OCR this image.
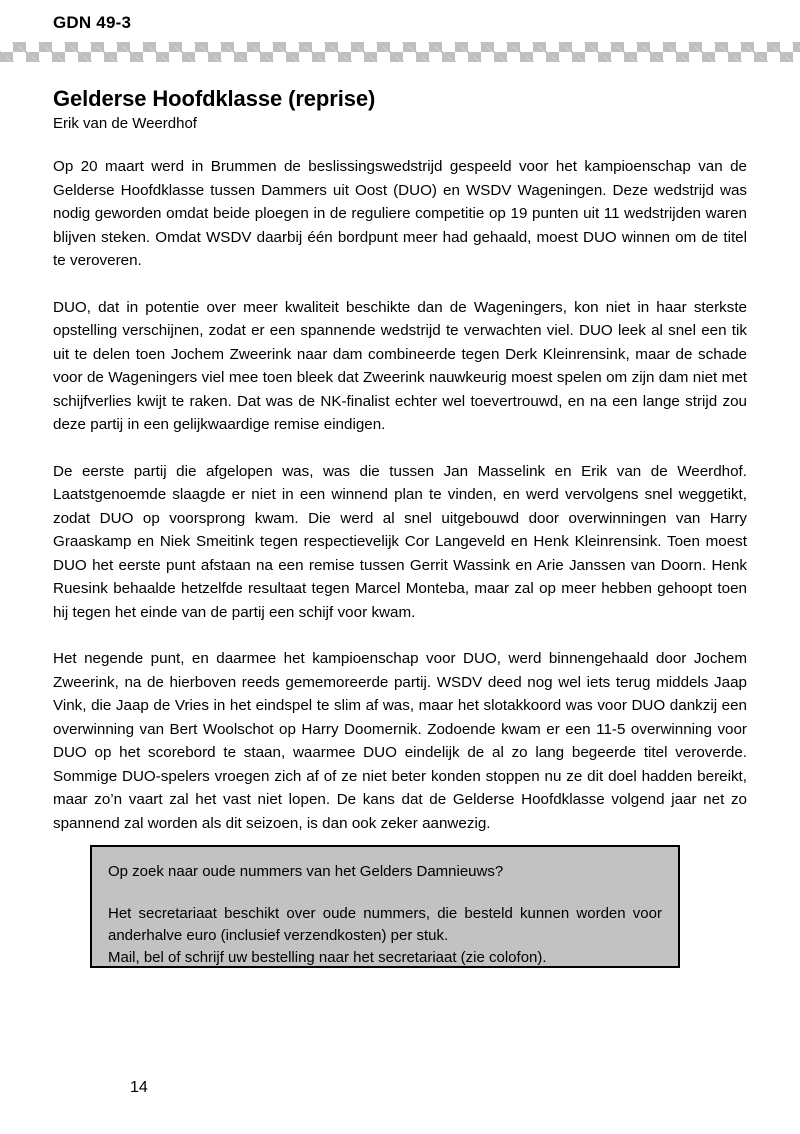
GDN 49-3
Gelderse Hoofdklasse (reprise)
Erik van de Weerdhof

Op 20 maart werd in Brummen de beslissingswedstrijd gespeeld voor het kampioenschap van de Gelderse Hoofdklasse tussen Dammers uit Oost (DUO) en WSDV Wageningen. Deze wedstrijd was nodig geworden omdat beide ploegen in de reguliere competitie op 19 punten uit 11 wedstrijden waren blijven steken. Omdat WSDV daarbij één bordpunt meer had gehaald, moest DUO winnen om de titel te veroveren.

DUO, dat in potentie over meer kwaliteit beschikte dan de Wageningers, kon niet in haar sterkste opstelling verschijnen, zodat er een spannende wedstrijd te verwachten viel. DUO leek al snel een tik uit te delen toen Jochem Zweerink naar dam combineerde tegen Derk Kleinrensink, maar de schade voor de Wageningers viel mee toen bleek dat Zweerink nauwkeurig moest spelen om zijn dam niet met schijfverlies kwijt te raken. Dat was de NK-finalist echter wel toevertrouwd, en na een lange strijd zou deze partij in een gelijkwaardige remise eindigen.

De eerste partij die afgelopen was, was die tussen Jan Masselink en Erik van de Weerdhof. Laatstgenoemde slaagde er niet in een winnend plan te vinden, en werd vervolgens snel weggetikt, zodat DUO op voorsprong kwam. Die werd al snel uitgebouwd door overwinningen van Harry Graaskamp en Niek Smeitink tegen respectievelijk Cor Langeveld en Henk Kleinrensink. Toen moest DUO het eerste punt afstaan na een remise tussen Gerrit Wassink en Arie Janssen van Doorn. Henk Ruesink behaalde hetzelfde resultaat tegen Marcel Monteba, maar zal op meer hebben gehoopt toen hij tegen het einde van de partij een schijf voor kwam.

Het negende punt, en daarmee het kampioenschap voor DUO, werd binnengehaald door Jochem Zweerink, na de hierboven reeds gememoreerde partij. WSDV deed nog wel iets terug middels Jaap Vink, die Jaap de Vries in het eindspel te slim af was, maar het slotakkoord was voor DUO dankzij een overwinning van Bert Woolschot op Harry Doomernik. Zodoende kwam er een 11-5 overwinning voor DUO op het scorebord te staan, waarmee DUO eindelijk de al zo lang begeerde titel veroverde. Sommige DUO-spelers vroegen zich af of ze niet beter konden stoppen nu ze dit doel hadden bereikt, maar zo’n vaart zal het vast niet lopen. De kans dat de Gelderse Hoofdklasse volgend jaar net zo spannend zal worden als dit seizoen, is dan ook zeker aanwezig.

Op zoek naar oude nummers van het Gelders Damnieuws?

Het secretariaat beschikt over oude nummers, die besteld kunnen worden voor anderhalve euro (inclusief verzendkosten) per stuk.

Mail, bel of schrijf uw bestelling naar het secretariaat (zie colofon).

14
